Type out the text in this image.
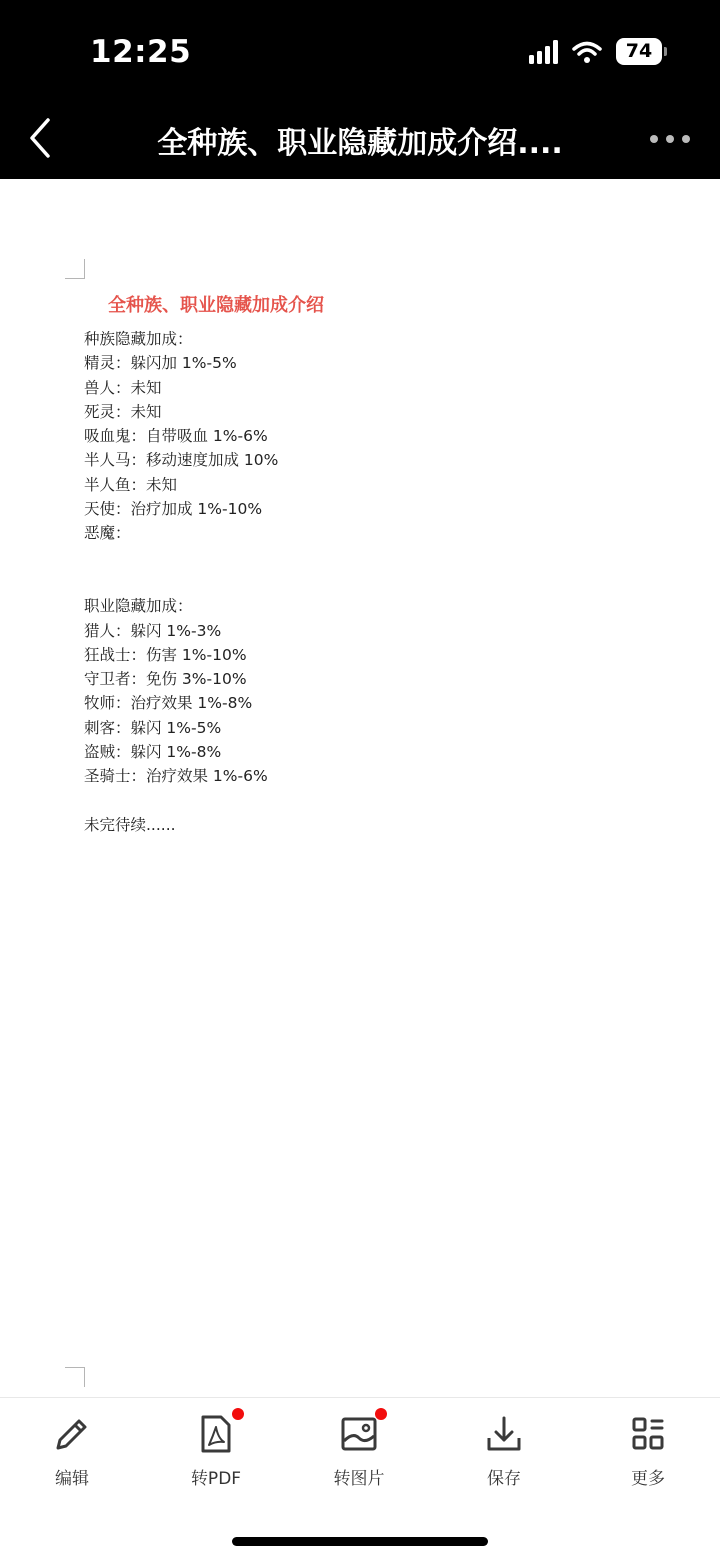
12:25	74
全种族、职业隐藏加成介绍....
全种族、职业隐藏加成介绍
种族隐藏加成：
精灵：躲闪加 1%-5%
兽人：未知
死灵：未知
吸血鬼：自带吸血 1%-6%
半人马：移动速度加成 10%
半人鱼：未知
天使：治疗加成 1%-10%
恶魔：
职业隐藏加成：
猎人：躲闪 1%-3%
狂战士：伤害 1%-10%
守卫者：免伤 3%-10%
牧师：治疗效果 1%-8%
刺客：躲闪 1%-5%
盗贼：躲闪 1%-8%
圣骑士：治疗效果 1%-6%
未完待续......
编辑	转PDF	转图片	保存	更多
